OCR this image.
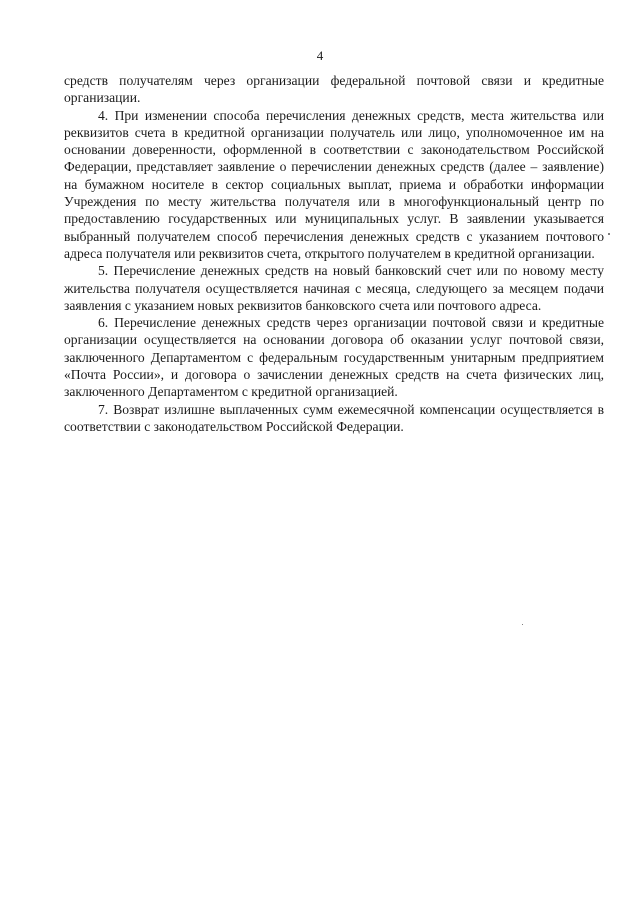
4

средств получателям через организации федеральной почтовой связи и кредитные организации.

4. При изменении способа перечисления денежных средств, места жительства или реквизитов счета в кредитной организации получатель или лицо, уполномоченное им на основании доверенности, оформленной в соответствии с законодательством Российской Федерации, представляет заявление о перечислении денежных средств (далее – заявление) на бумажном носителе в сектор социальных выплат, приема и обработки информации Учреждения по месту жительства получателя или в многофункциональный центр по предоставлению государственных или муниципальных услуг. В заявлении указывается выбранный получателем способ перечисления денежных средств с указанием почтового адреса получателя или реквизитов счета, открытого получателем в кредитной организации.

5. Перечисление денежных средств на новый банковский счет или по новому месту жительства получателя осуществляется начиная с месяца, следующего за месяцем подачи заявления с указанием новых реквизитов банковского счета или почтового адреса.

6. Перечисление денежных средств через организации почтовой связи и кредитные организации осуществляется на основании договора об оказании услуг почтовой связи, заключенного Департаментом с федеральным государственным унитарным предприятием «Почта России», и договора о зачислении денежных средств на счета физических лиц, заключенного Департаментом с кредитной организацией.

7. Возврат излишне выплаченных сумм ежемесячной компенсации осуществляется в соответствии с законодательством Российской Федерации.
